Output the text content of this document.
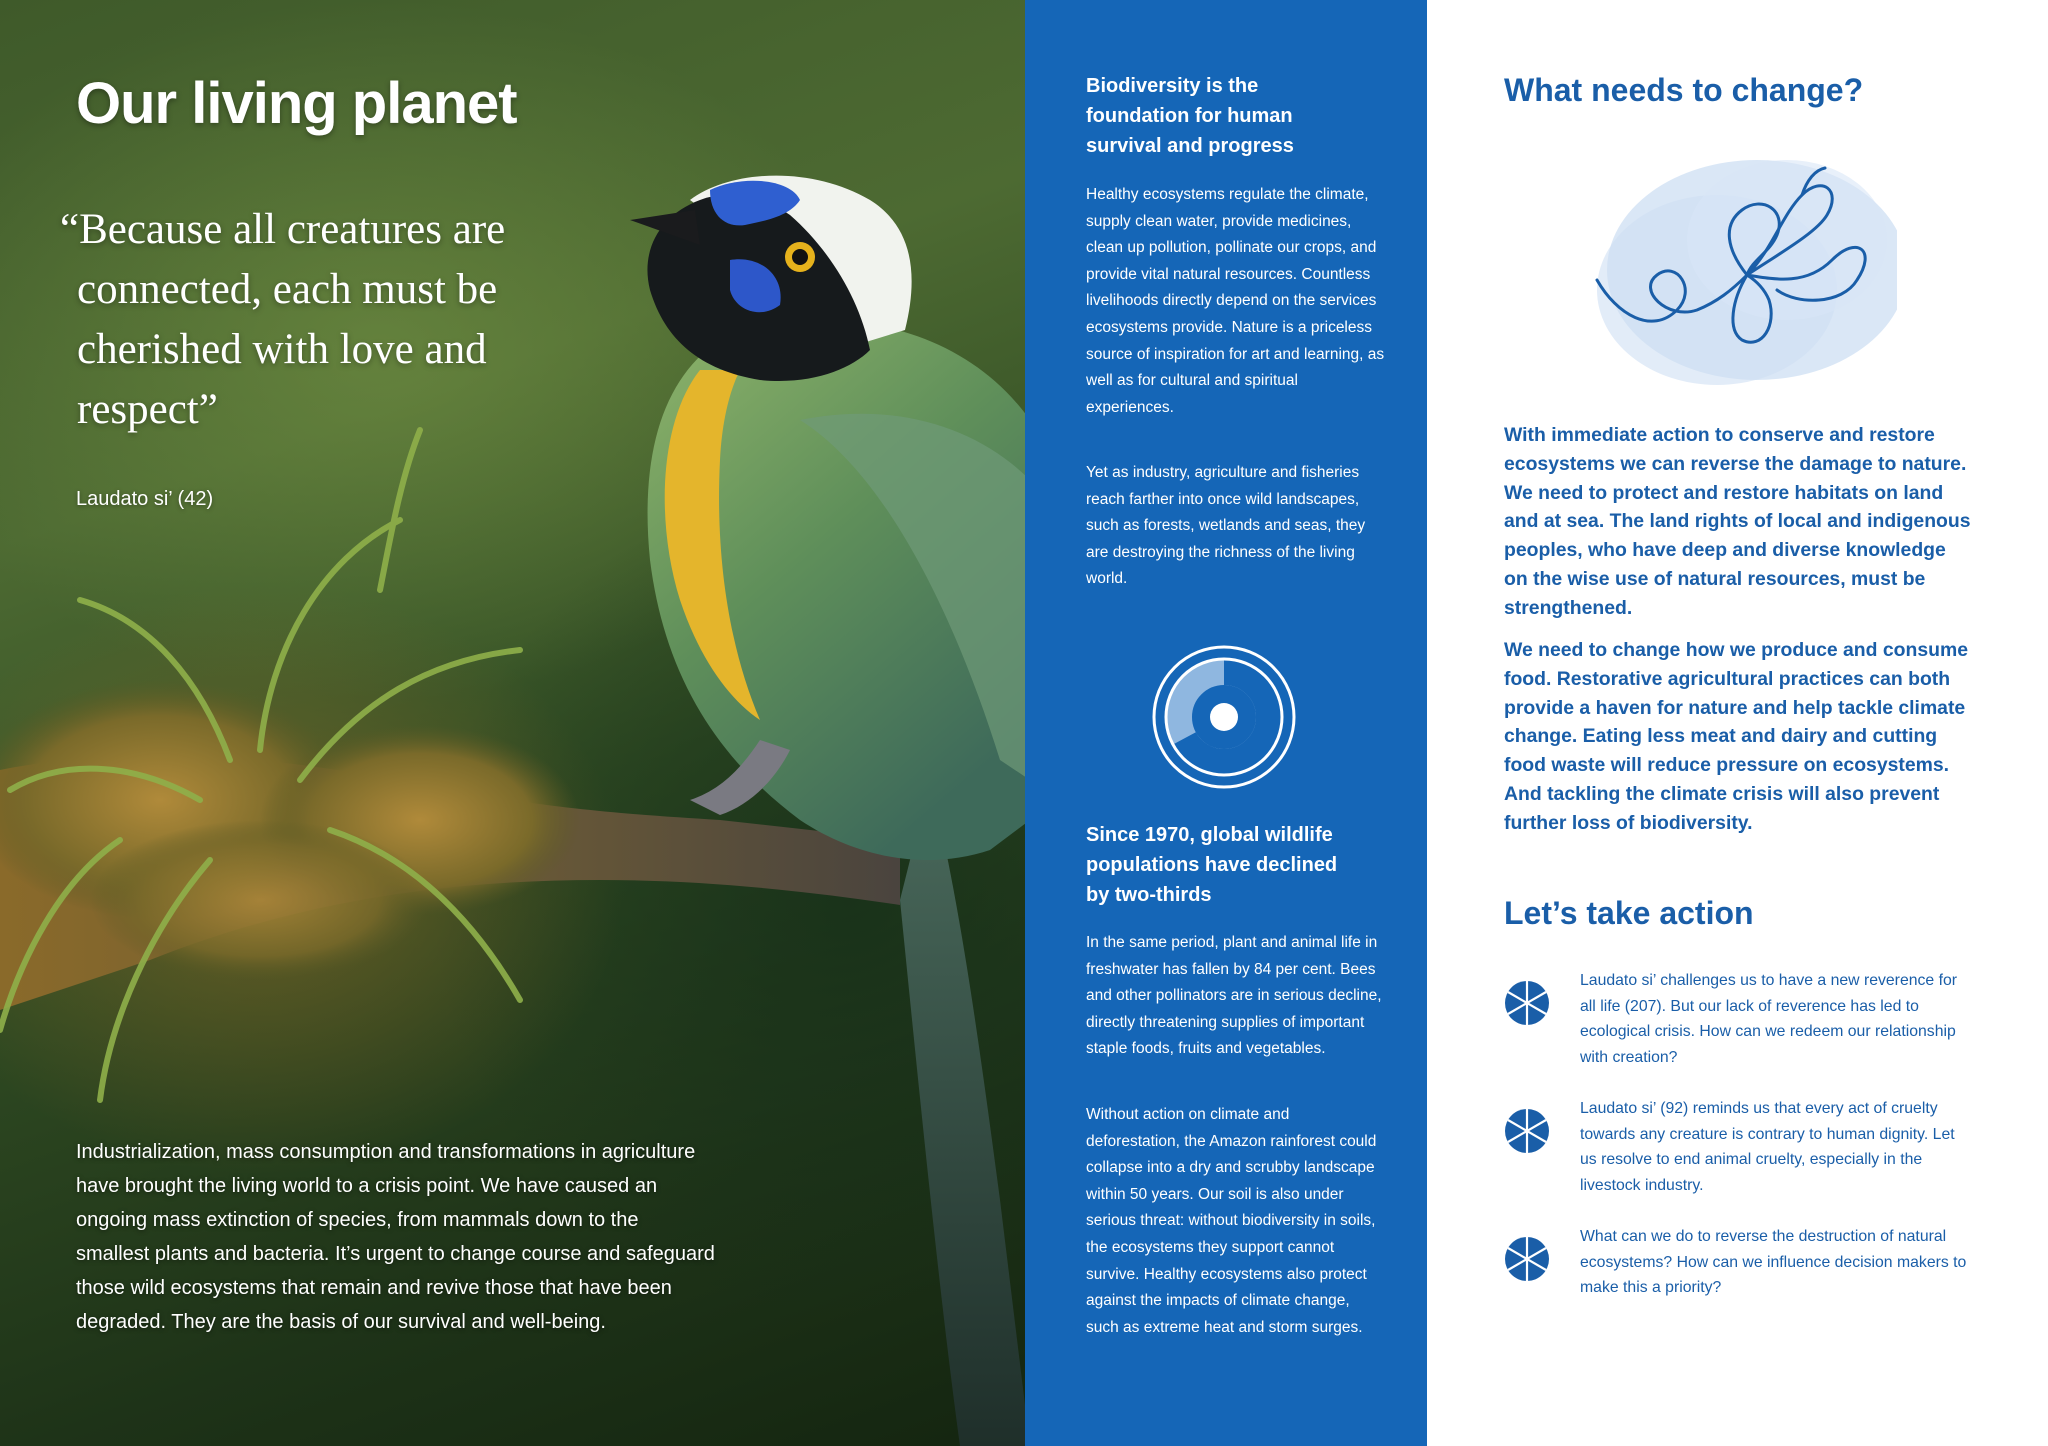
Our living planet

“Because all creatures are connected, each must be cherished with love and respect”

Laudato si’ (42)

Industrialization, mass consumption and transformations in agriculture have brought the living world to a crisis point. We have caused an ongoing mass extinction of species, from mammals down to the smallest plants and bacteria. It’s urgent to change course and safeguard those wild ecosystems that remain and revive those that have been degraded. They are the basis of our survival and well-being.

Biodiversity is the foundation for human survival and progress

Healthy ecosystems regulate the climate, supply clean water, provide medicines, clean up pollution, pollinate our crops, and provide vital natural resources. Countless livelihoods directly depend on the services ecosystems provide. Nature is a priceless source of inspiration for art and learning, as well as for cultural and spiritual experiences.

Yet as industry, agriculture and fisheries reach farther into once wild landscapes, such as forests, wetlands and seas, they are destroying the richness of the living world.

Since 1970, global wildlife populations have declined by two-thirds

In the same period, plant and animal life in freshwater has fallen by 84 per cent. Bees and other pollinators are in serious decline, directly threatening supplies of important staple foods, fruits and vegetables.

Without action on climate and deforestation, the Amazon rainforest could collapse into a dry and scrubby landscape within 50 years. Our soil is also under serious threat: without biodiversity in soils, the ecosystems they support cannot survive. Healthy ecosystems also protect against the impacts of climate change, such as extreme heat and storm surges.

What needs to change?

With immediate action to conserve and restore ecosystems we can reverse the damage to nature. We need to protect and restore habitats on land and at sea. The land rights of local and indigenous peoples, who have deep and diverse knowledge on the wise use of natural resources, must be strengthened.

We need to change how we produce and consume food. Restorative agricultural practices can both provide a haven for nature and help tackle climate change. Eating less meat and dairy and cutting food waste will reduce pressure on ecosystems. And tackling the climate crisis will also prevent further loss of biodiversity.

Let’s take action

Laudato si’ challenges us to have a new reverence for all life (207). But our lack of reverence has led to ecological crisis. How can we redeem our relationship with creation?

Laudato si’ (92) reminds us that every act of cruelty towards any creature is contrary to human dignity. Let us resolve to end animal cruelty, especially in the livestock industry.

What can we do to reverse the destruction of natural ecosystems? How can we influence decision makers to make this a priority?
